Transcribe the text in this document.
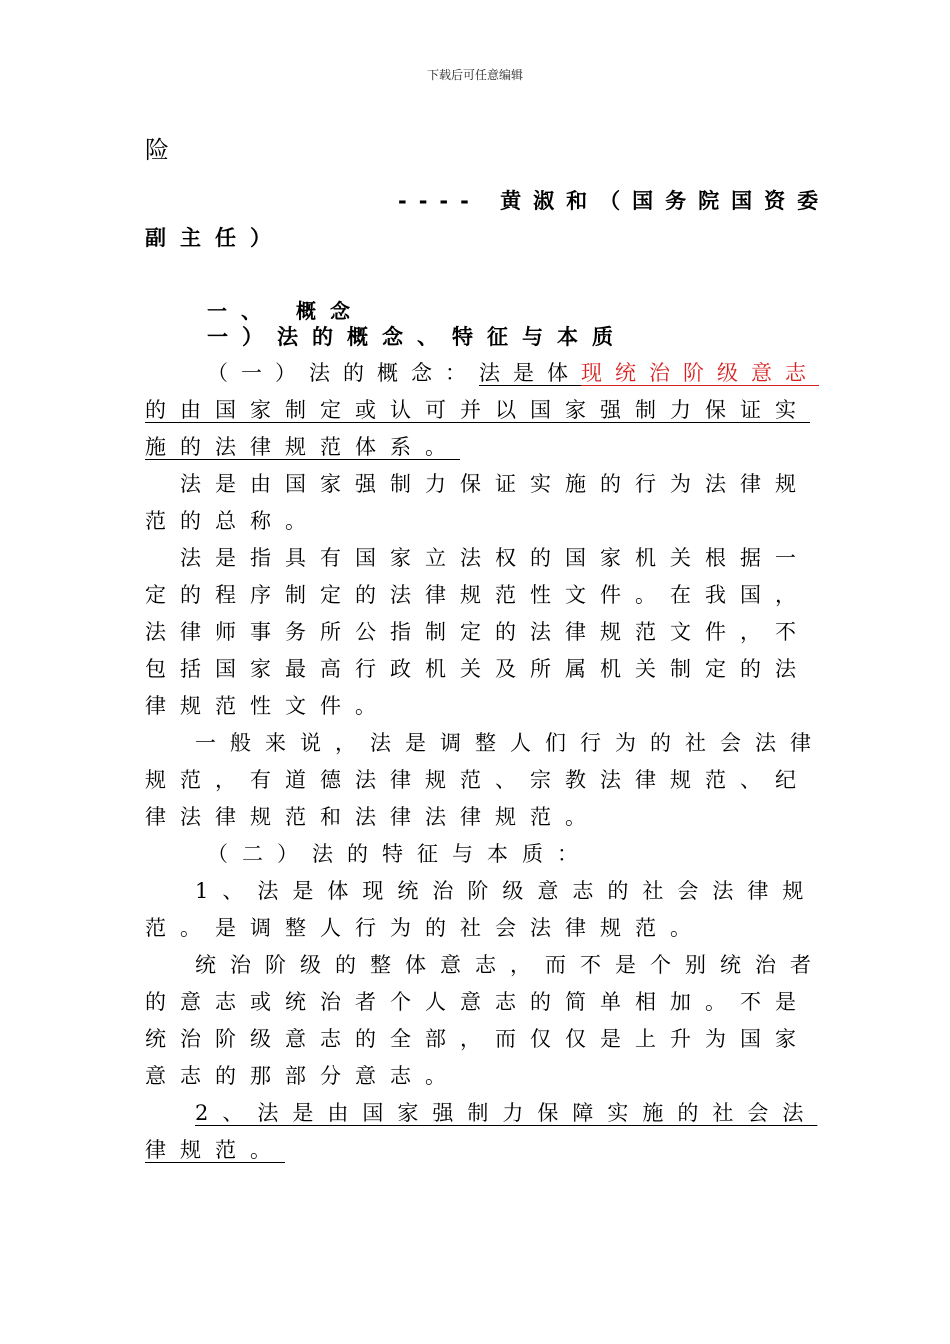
下载后可任意编辑
险
---- 黄淑和（国务院国资委
副主任）
一、 概念
一）法的概念、特征与本质
（一）法的概念：法是体现统治阶级意志
的由国家制定或认可并以国家强制力保证实
施的法律规范体系。
法是由国家强制力保证实施的行为法律规
范的总称。
法是指具有国家立法权的国家机关根据一
定的程序制定的法律规范性文件。在我国，
法律师事务所公指制定的法律规范文件，不
包括国家最高行政机关及所属机关制定的法
律规范性文件。
一般来说，法是调整人们行为的社会法律
规范，有道德法律规范、宗教法律规范、纪
律法律规范和法律法律规范。
（二）法的特征与本质：
1、法是体现统治阶级意志的社会法律规
范。是调整人行为的社会法律规范。
统治阶级的整体意志，而不是个别统治者
的意志或统治者个人意志的简单相加。不是
统治阶级意志的全部，而仅仅是上升为国家
意志的那部分意志。
2、法是由国家强制力保障实施的社会法
律规范。
